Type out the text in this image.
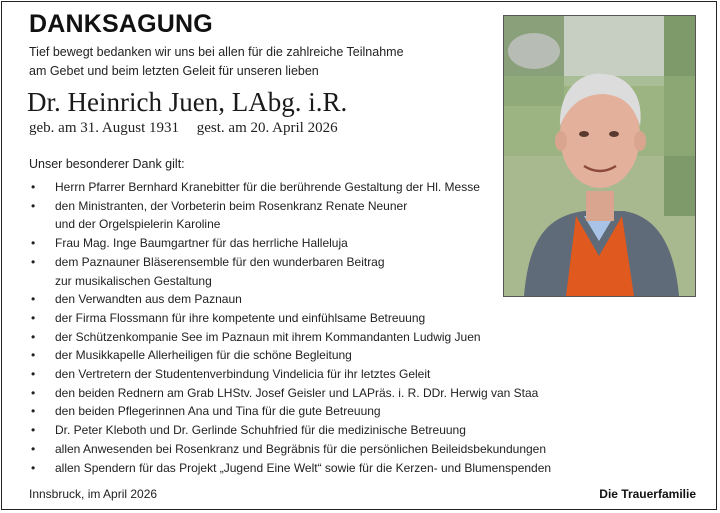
DANKSAGUNG
Tief bewegt bedanken wir uns bei allen für die zahlreiche Teilnahme
am Gebet und beim letzten Geleit für unseren lieben
Dr. Heinrich Juen, LAbg. i.R.
geb. am 31. August 1931 gest. am 20. April 2026
Unser besonderer Dank gilt:
• Herrn Pfarrer Bernhard Kranebitter für die berührende Gestaltung der Hl. Messe
• den Ministranten, der Vorbeterin beim Rosenkranz Renate Neuner
und der Orgelspielerin Karoline
• Frau Mag. Inge Baumgartner für das herrliche Halleluja
• dem Paznauner Bläserensemble für den wunderbaren Beitrag
zur musikalischen Gestaltung
• den Verwandten aus dem Paznaun
• der Firma Flossmann für ihre kompetente und einfühlsame Betreuung
• der Schützenkompanie See im Paznaun mit ihrem Kommandanten Ludwig Juen
• der Musikkapelle Allerheiligen für die schöne Begleitung
• den Vertretern der Studentenverbindung Vindelicia für ihr letztes Geleit
• den beiden Rednern am Grab LHStv. Josef Geisler und LAPräs. i. R. DDr. Herwig van Staa
• den beiden Pflegerinnen Ana und Tina für die gute Betreuung
• Dr. Peter Kleboth und Dr. Gerlinde Schuhfried für die medizinische Betreuung
• allen Anwesenden bei Rosenkranz und Begräbnis für die persönlichen Beileidsbekundungen
• allen Spendern für das Projekt „Jugend Eine Welt“ sowie für die Kerzen- und Blumenspenden
Innsbruck, im April 2026	Die Trauerfamilie
